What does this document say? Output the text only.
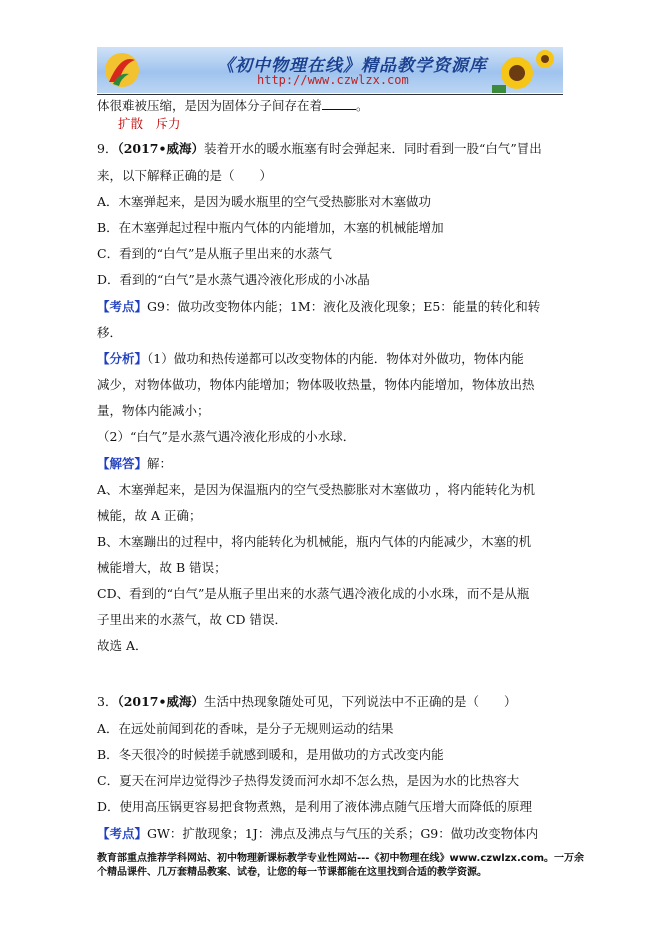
《初中物理在线》精品教学资源库
http://www.czwlzx.com
体很难被压缩，是因为固体分子间存在着	。
扩散　斥力
9．（2017•威海）装着开水的暖水瓶塞有时会弹起来．同时看到一股“白气”冒出
来，以下解释正确的是（　　）
A．木塞弹起来，是因为暖水瓶里的空气受热膨胀对木塞做功
B．在木塞弹起过程中瓶内气体的内能增加，木塞的机械能增加
C．看到的“白气”是从瓶子里出来的水蒸气
D．看到的“白气”是水蒸气遇冷液化形成的小冰晶
【考点】G9：做功改变物体内能；1M：液化及液化现象；E5：能量的转化和转
移．
【分析】（1）做功和热传递都可以改变物体的内能．物体对外做功，物体内能
减少，对物体做功，物体内能增加；物体吸收热量，物体内能增加，物体放出热
量，物体内能减小；
（2）“白气”是水蒸气遇冷液化形成的小水球．
【解答】解：
A、木塞弹起来，是因为保温瓶内的空气受热膨胀对木塞做功 ，将内能转化为机
械能，故 A 正确；
B、木塞蹦出的过程中，将内能转化为机械能，瓶内气体的内能减少，木塞的机
械能增大，故 B 错误；
CD、看到的“白气”是从瓶子里出来的水蒸气遇冷液化成的小水珠，而不是从瓶
子里出来的水蒸气，故 CD 错误．
故选 A．
3．（2017•威海）生活中热现象随处可见，下列说法中不正确的是（　　）
A．在远处前闻到花的香味，是分子无规则运动的结果
B．冬天很冷的时候搓手就感到暖和，是用做功的方式改变内能
C．夏天在河岸边觉得沙子热得发烫而河水却不怎么热，是因为水的比热容大
D．使用高压锅更容易把食物煮熟，是利用了液体沸点随气压增大而降低的原理
【考点】GW：扩散现象；1J：沸点及沸点与气压的关系；G9：做功改变物体内
教育部重点推荐学科网站、初中物理新课标教学专业性网站---《初中物理在线》www.czwlzx.com。一万余
个精品课件、几万套精品教案、试卷，让您的每一节课都能在这里找到合适的教学资源。
